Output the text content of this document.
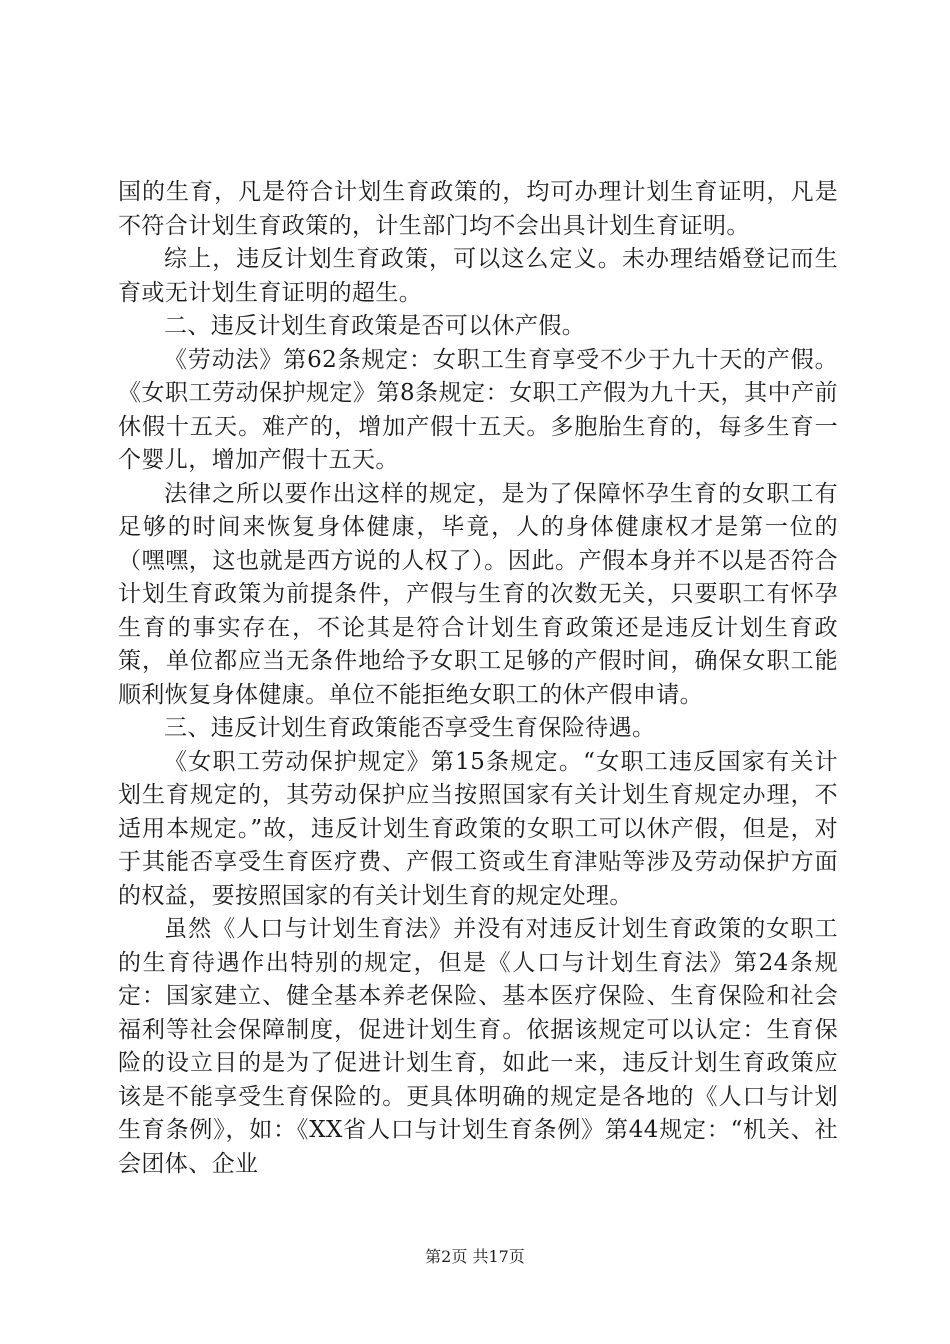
国的生育，凡是符合计划生育政策的，均可办理计划生育证明，凡是不符合计划生育政策的，计生部门均不会出具计划生育证明。

综上，违反计划生育政策，可以这么定义。未办理结婚登记而生育或无计划生育证明的超生。

二、违反计划生育政策是否可以休产假。

《劳动法》第62条规定：女职工生育享受不少于九十天的产假。《女职工劳动保护规定》第8条规定：女职工产假为九十天，其中产前休假十五天。难产的，增加产假十五天。多胞胎生育的，每多生育一个婴儿，增加产假十五天。

法律之所以要作出这样的规定，是为了保障怀孕生育的女职工有足够的时间来恢复身体健康，毕竟，人的身体健康权才是第一位的（嘿嘿，这也就是西方说的人权了）。因此。产假本身并不以是否符合计划生育政策为前提条件，产假与生育的次数无关，只要职工有怀孕生育的事实存在，不论其是符合计划生育政策还是违反计划生育政策，单位都应当无条件地给予女职工足够的产假时间，确保女职工能顺利恢复身体健康。单位不能拒绝女职工的休产假申请。

三、违反计划生育政策能否享受生育保险待遇。

《女职工劳动保护规定》第15条规定。“女职工违反国家有关计划生育规定的，其劳动保护应当按照国家有关计划生育规定办理，不适用本规定。”故，违反计划生育政策的女职工可以休产假，但是，对于其能否享受生育医疗费、产假工资或生育津贴等涉及劳动保护方面的权益，要按照国家的有关计划生育的规定处理。

虽然《人口与计划生育法》并没有对违反计划生育政策的女职工的生育待遇作出特别的规定，但是《人口与计划生育法》第24条规定：国家建立、健全基本养老保险、基本医疗保险、生育保险和社会福利等社会保障制度，促进计划生育。依据该规定可以认定：生育保险的设立目的是为了促进计划生育，如此一来，违反计划生育政策应该是不能享受生育保险的。更具体明确的规定是各地的《人口与计划生育条例》，如：《XX省人口与计划生育条例》第44规定：“机关、社会团体、企业

第2页 共17页
